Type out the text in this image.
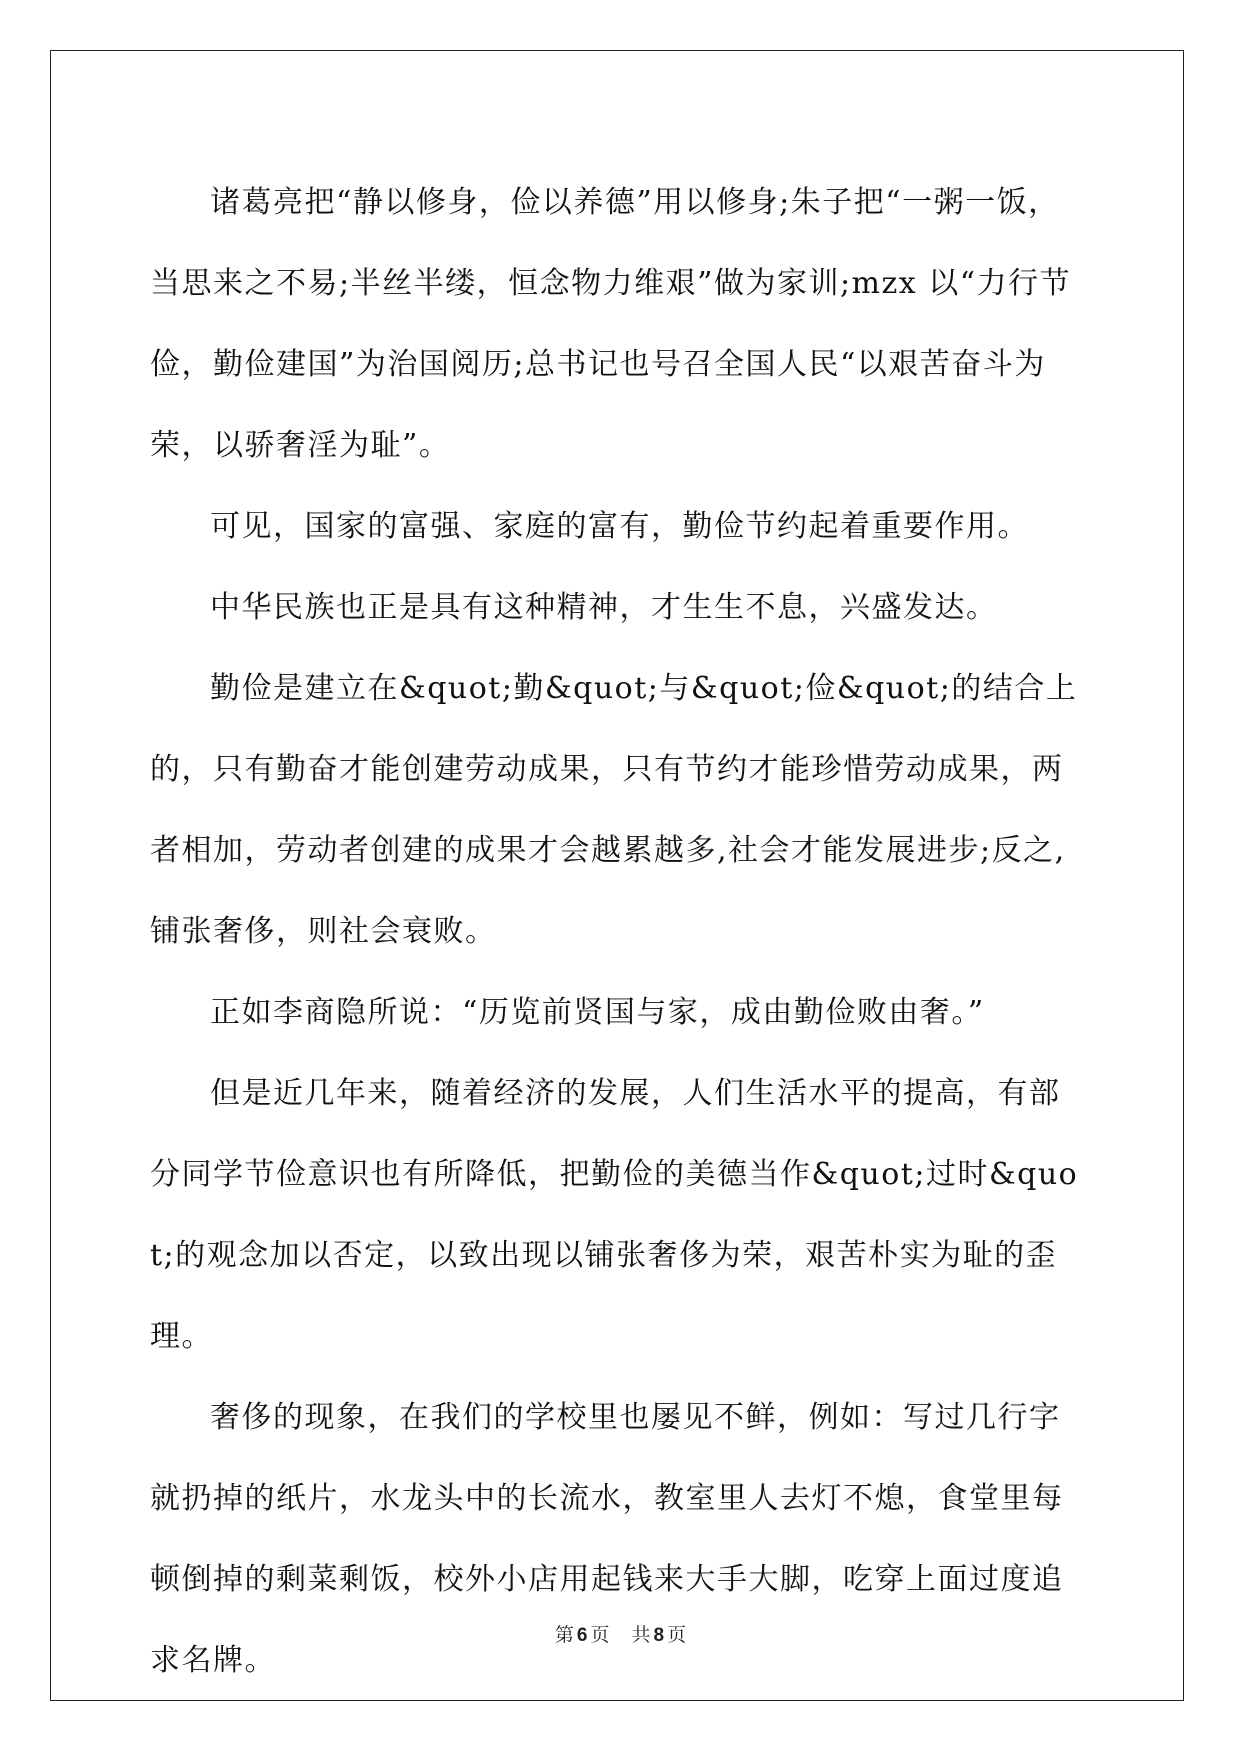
诸葛亮把“静以修身，俭以养德”用以修身;朱子把“一粥一饭，当思来之不易;半丝半缕，恒念物力维艰”做为家训;mzx 以“力行节俭，勤俭建国”为治国阅历;总书记也号召全国人民“以艰苦奋斗为荣，以骄奢淫为耻”。

可见，国家的富强、家庭的富有，勤俭节约起着重要作用。

中华民族也正是具有这种精神，才生生不息，兴盛发达。

勤俭是建立在&quot;勤&quot;与&quot;俭&quot;的结合上的，只有勤奋才能创建劳动成果，只有节约才能珍惜劳动成果，两者相加，劳动者创建的成果才会越累越多,社会才能发展进步;反之,铺张奢侈，则社会衰败。

正如李商隐所说：“历览前贤国与家，成由勤俭败由奢。”

但是近几年来，随着经济的发展，人们生活水平的提高，有部分同学节俭意识也有所降低，把勤俭的美德当作&quot;过时&quot;的观念加以否定，以致出现以铺张奢侈为荣，艰苦朴实为耻的歪理。

奢侈的现象，在我们的学校里也屡见不鲜，例如：写过几行字就扔掉的纸片，水龙头中的长流水，教室里人去灯不熄，食堂里每顿倒掉的剩菜剩饭，校外小店用起钱来大手大脚，吃穿上面过度追求名牌。

第 6 页 共 8 页
